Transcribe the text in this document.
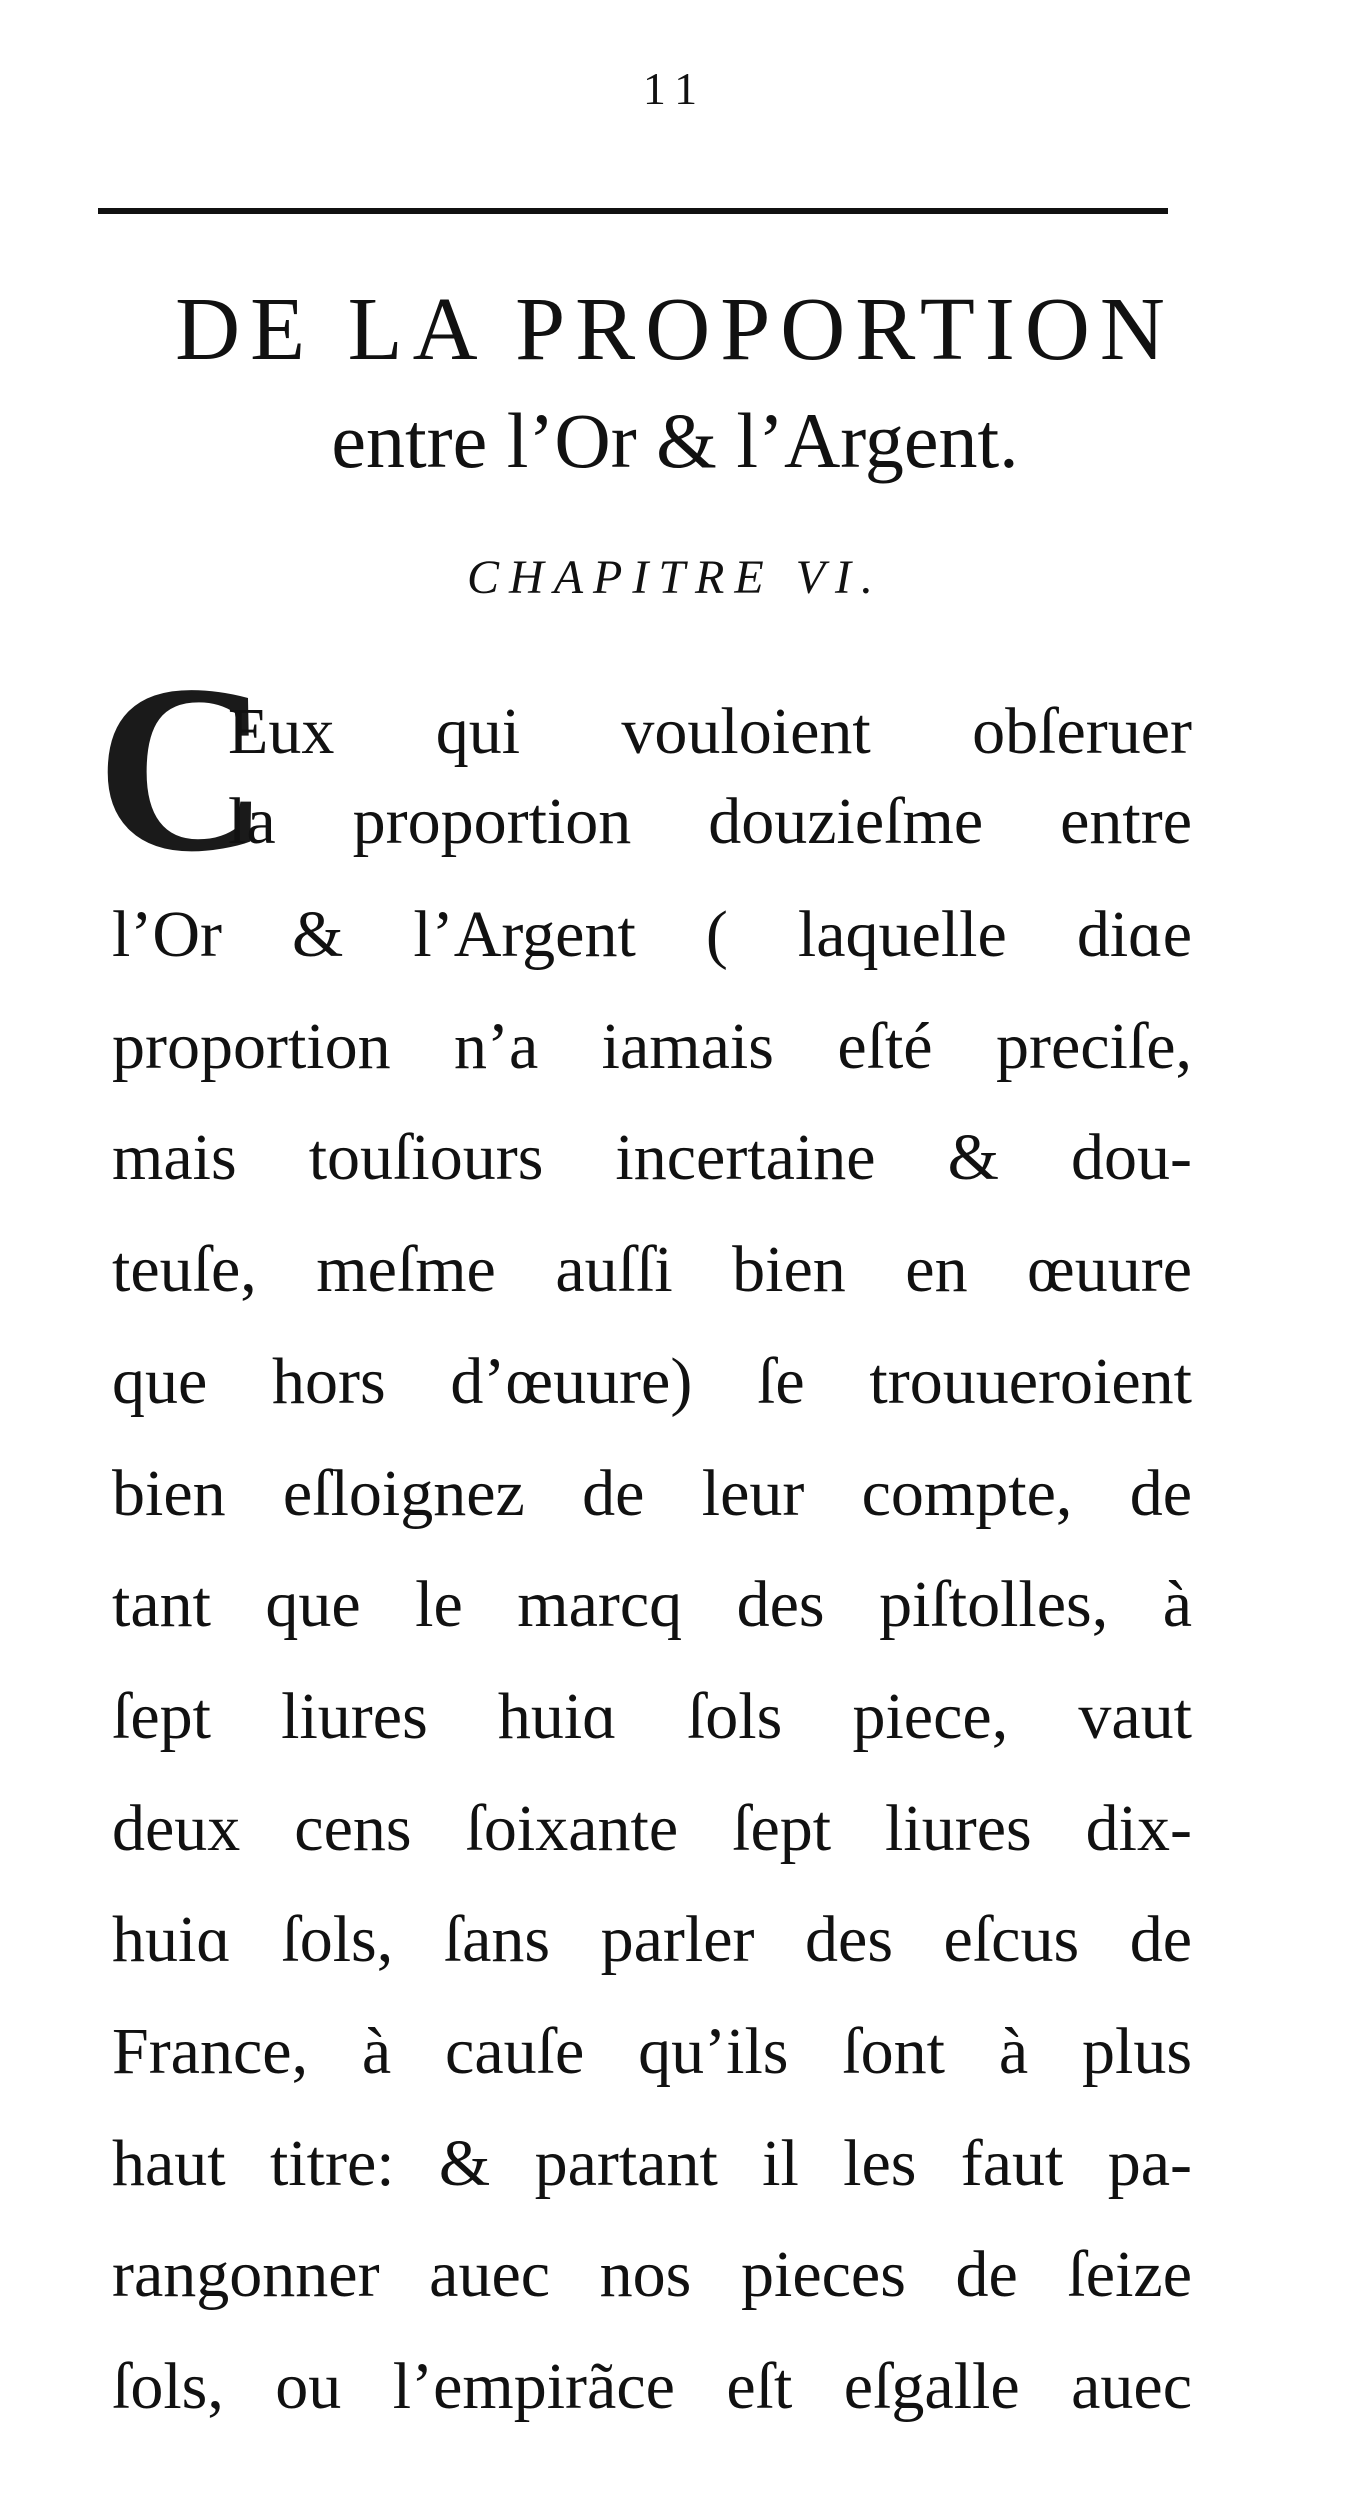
11
DE LA PROPORTION
entre l’Or & l’Argent.
CHAPITRE VI.
C
Eux qui vouloient obſeruer
la proportion douzieſme entre
l’Or & l’Argent ( laquelle diɑe
proportion n’a iamais eſté preciſe,
mais touſiours incertaine & dou-
teuſe, meſme auſſi bien en œuure
que hors d’œuure) ſe trouueroient
bien eſloignez de leur compte, de
tant que le marcq des piſtolles, à
ſept liures huiɑ ſols piece, vaut
deux cens ſoixante ſept liures dix-
huiɑ ſols, ſans parler des eſcus de
France, à cauſe qu’ils ſont à plus
haut titre: & partant il les faut pa-
rangonner auec nos pieces de ſeize
ſols, ou l’empirãce eſt eſgalle auec
